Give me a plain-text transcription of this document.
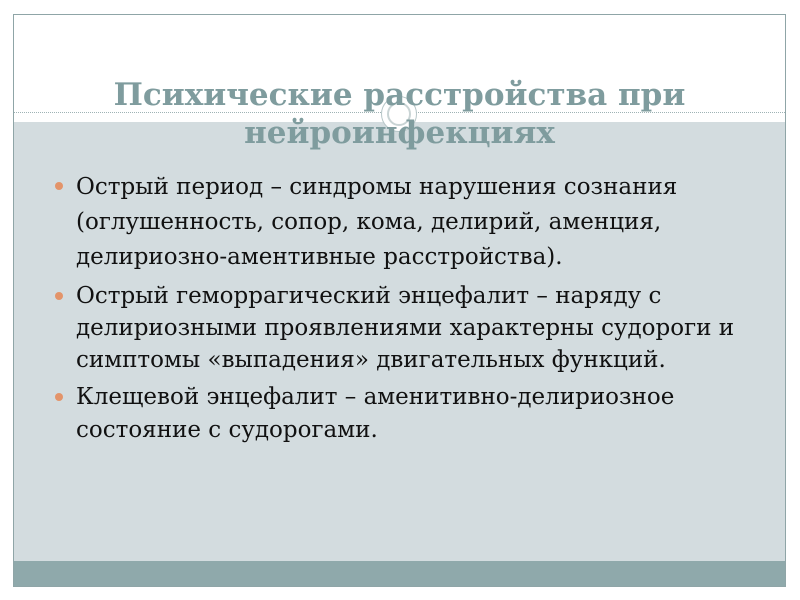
Психические расстройства при нейроинфекциях
Острый период – синдромы нарушения сознания (оглушенность, сопор, кома, делирий, аменция, делириозно-аментивные расстройства).
Острый геморрагический энцефалит – наряду с делириозными проявлениями характерны судороги и симптомы «выпадения» двигательных функций.
Клещевой энцефалит – аменитивно-делириозное состояние с судорогами.
